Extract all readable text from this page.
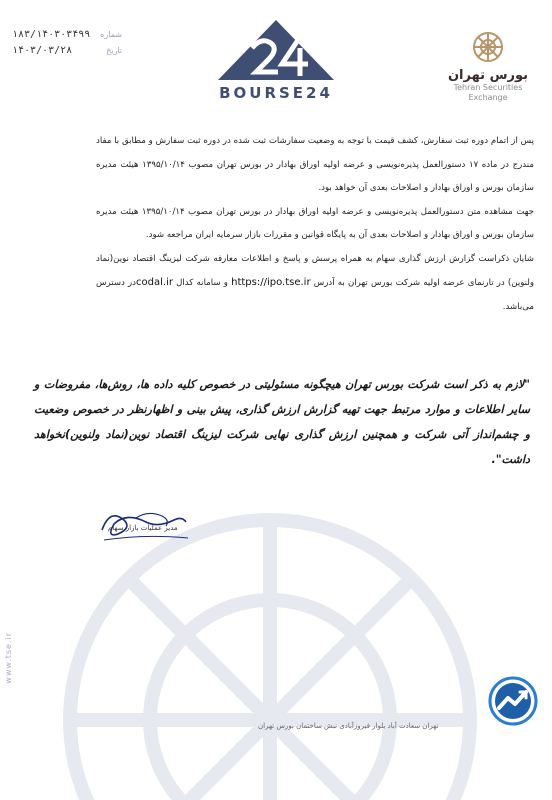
www.tse.ir
۱۸۳/۱۴۰۳۰۳۴۹۹ شماره
۱۴۰۳/۰۳/۲۸	تاریخ
BOURSE24
بورس تهران
Tehran Securities
Exchange

پس از اتمام دوره ثبت سفارش، کشف قیمت با توجه به وضعیت سفارشات ثبت شده در دوره ثبت سفارش و مطابق با مفاد مندرج در ماده ۱۷ دستورالعمل پذیره‌نویسی و عرضه اولیه اوراق بهادار در بورس تهران مصوب ۱۳۹۵/۱۰/۱۴ هیئت مدیره سازمان بورس و اوراق بهادار و اصلاحات بعدی آن خواهد بود.

جهت مشاهده متن دستورالعمل پذیره‌نویسی و عرضه اولیه اوراق بهادار در بورس تهران مصوب ۱۳۹۵/۱۰/۱۴ هیئت مدیره سازمان بورس و اوراق بهادار و اصلاحات بعدی آن به پایگاه قوانین و مقررات بازار سرمایه ایران مراجعه شود.

شایان ذکراست گزارش ارزش گذاری سهام به همراه پرسش و پاسخ و اطلاعات معارفه شرکت لیزینگ اقتصاد نوین(نماد ولنوین) در تارنمای عرضه اولیه شرکت بورس تهران به آدرس https://ipo.tse.ir و سامانه کدال codal.irدر دسترس می‌باشد.

"لازم به ذکر است شرکت بورس تهران هیچگونه مسئولیتی در خصوص کلیه داده ها، روش‌ها، مفروضات و سایر اطلاعات و موارد مرتبط جهت تهیه گزارش ارزش گذاری، پیش بینی و اظهارنظر در خصوص وضعیت و چشم‌انداز آتی شرکت و همچنین ارزش گذاری نهایی شرکت لیزینگ اقتصاد نوین(نماد ولنوین)نخواهد داشت".
مدیر عملیات بازار سهام
تهران سعادت آباد بلوار فیروزآبادی نبش ساختمان بورس تهران
